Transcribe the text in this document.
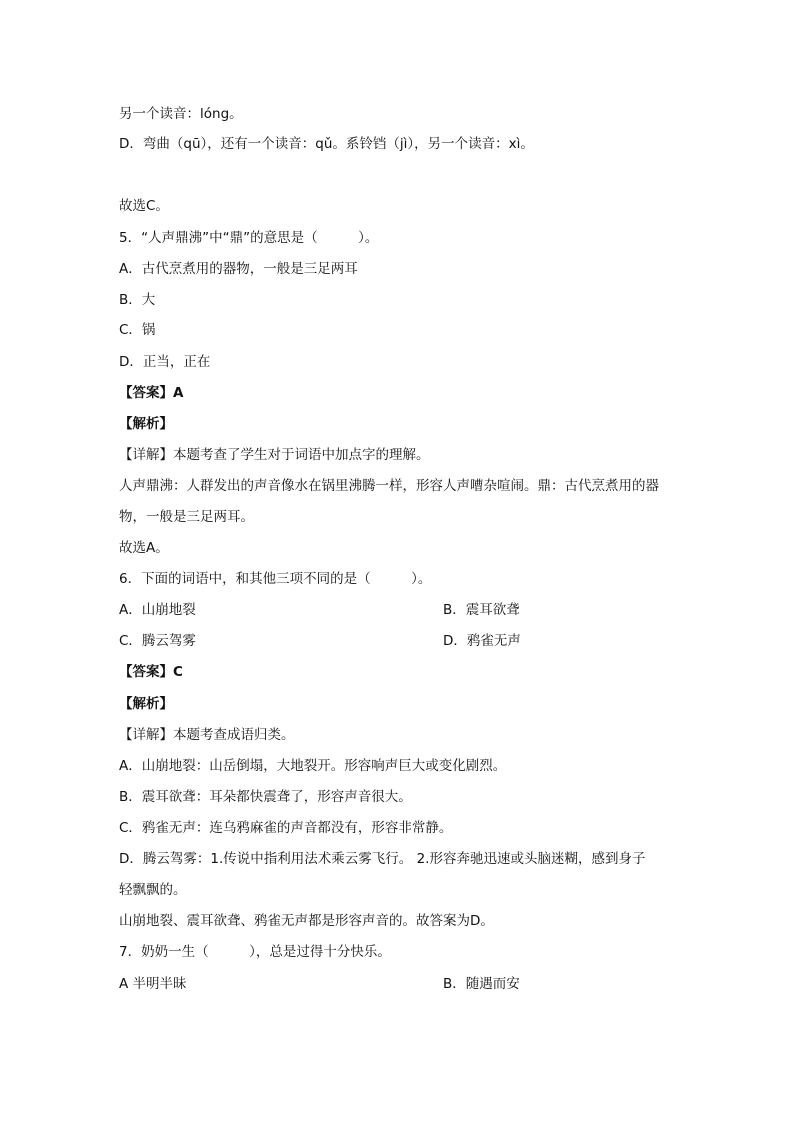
另一个读音：lóng。
D．弯曲（qū），还有一个读音：qǔ。系铃铛（jì），另一个读音：xì。
故选C。
5．“人声鼎沸”中“鼎”的意思是（　　　）。
A．古代烹煮用的器物，一般是三足两耳
B．大
C．锅
D．正当，正在
【答案】A
【解析】
【详解】本题考查了学生对于词语中加点字的理解。
人声鼎沸：人群发出的声音像水在锅里沸腾一样，形容人声嘈杂喧闹。鼎：古代烹煮用的器
物，一般是三足两耳。
故选A。
6．下面的词语中，和其他三项不同的是（　　　）。
A．山崩地裂	B．震耳欲聋
C．腾云驾雾	D．鸦雀无声
【答案】C
【解析】
【详解】本题考查成语归类。
A．山崩地裂：山岳倒塌，大地裂开。形容响声巨大或变化剧烈。
B．震耳欲聋：耳朵都快震聋了，形容声音很大。
C．鸦雀无声：连乌鸦麻雀的声音都没有，形容非常静。
D．腾云驾雾：1.传说中指利用法术乘云雾飞行。 2.形容奔驰迅速或头脑迷糊，感到身子
轻飘飘的。
山崩地裂、震耳欲聋、鸦雀无声都是形容声音的。故答案为D。
7．奶奶一生（　　　），总是过得十分快乐。
A 半明半昧	B．随遇而安
